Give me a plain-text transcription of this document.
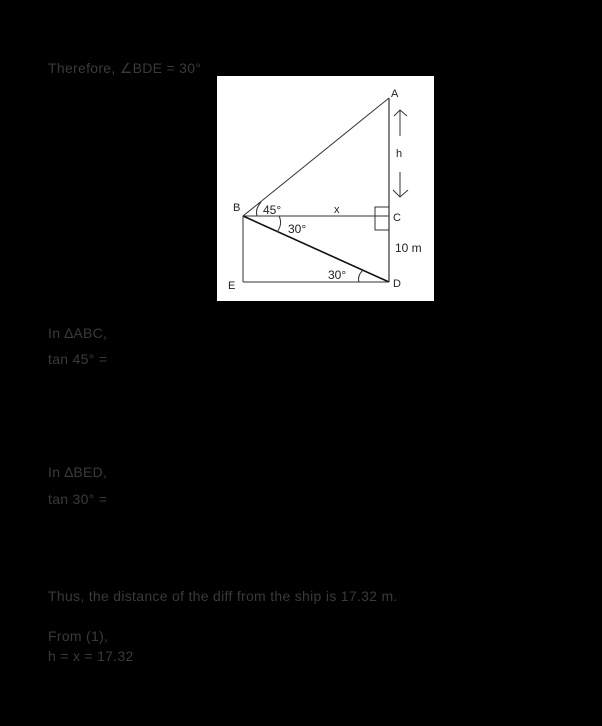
Therefore, ∠BDE = 30°
A
B
C
D
E
h
x
45°
30°
30°
10 m
In ∆ABC,
tan 45° =
In ∆BED,
tan 30° =
Thus, the distance of the diff from the ship is 17.32 m.
From (1),
h = x = 17.32
